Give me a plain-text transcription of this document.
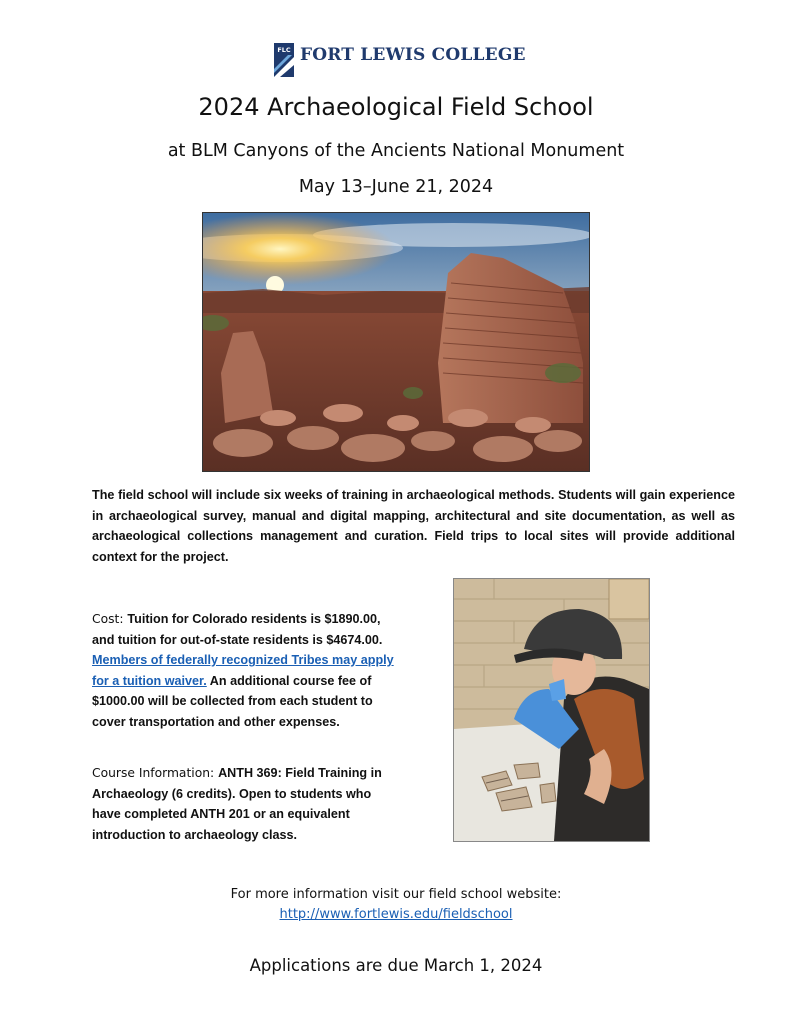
FLC FORT LEWIS COLLEGE
2024 Archaeological Field School
at BLM Canyons of the Ancients National Monument
May 13–June 21, 2024
The field school will include six weeks of training in archaeological methods. Students will gain experience in archaeological survey, manual and digital mapping, architectural and site documentation, as well as archaeological collections management and curation. Field trips to local sites will provide additional context for the project.
Cost: Tuition for Colorado residents is $1890.00, and tuition for out-of-state residents is $4674.00. Members of federally recognized Tribes may apply for a tuition waiver. An additional course fee of $1000.00 will be collected from each student to cover transportation and other expenses.
Course Information: ANTH 369: Field Training in Archaeology (6 credits). Open to students who have completed ANTH 201 or an equivalent introduction to archaeology class.
For more information visit our field school website:
http://www.fortlewis.edu/fieldschool
Applications are due March 1, 2024
